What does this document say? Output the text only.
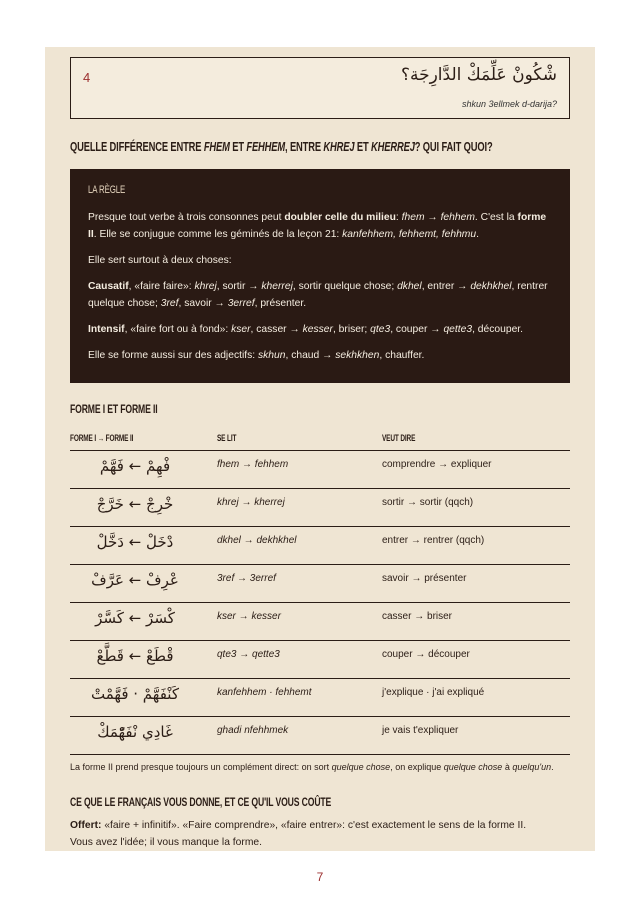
4	شْكُونْ عَلِّمَكْ الدَّارِجَة؟
shkun 3ellmek d-darija?
QUELLE DIFFÉRENCE ENTRE FHEM ET FEHHEM, ENTRE KHREJ ET KHERREJ? QUI FAIT QUOI?
LA RÈGLE

Presque tout verbe à trois consonnes peut doubler celle du milieu: fhem → fehhem. C'est la forme II. Elle se conjugue comme les géminés de la leçon 21: kanfehhem, fehhemt, fehhmu.

Elle sert surtout à deux choses:

Causatif, «faire faire»: khrej, sortir → kherrej, sortir quelque chose; dkhel, entrer → dekhkhel, rentrer quelque chose; 3ref, savoir → 3erref, présenter.

Intensif, «faire fort ou à fond»: kser, casser → kesser, briser; qte3, couper → qette3, découper.

Elle se forme aussi sur des adjectifs: skhun, chaud → sekhkhen, chauffer.

FORME I ET FORME II
FORME I → FORME II	SE LIT	VEUT DIRE
فْهِمْ ← فَهَّمْ	fhem → fehhem	comprendre → expliquer
خْرِجْ ← خَرَّجْ	khrej → kherrej	sortir → sortir (qqch)
دْخَلْ ← دَخَّلْ	dkhel → dekhkhel	entrer → rentrer (qqch)
عْرِفْ ← عَرَّفْ	3ref → 3erref	savoir → présenter
كْسَرْ ← كَسَّرْ	kser → kesser	casser → briser
قْطَعْ ← قَطَّعْ	qte3 → qette3	couper → découper
كَنْفَهَّمْ · فَهَّمْتْ	kanfehhem · fehhemt	j'explique · j'ai expliqué
غَادِي نْفَهّْمَكْ	ghadi nfehhmek	je vais t'expliquer
La forme II prend presque toujours un complément direct: on sort quelque chose, on explique quelque chose à quelqu'un.
CE QUE LE FRANÇAIS VOUS DONNE, ET CE QU'IL VOUS COÛTE
Offert: «faire + infinitif». «Faire comprendre», «faire entrer»: c'est exactement le sens de la forme II. Vous avez l'idée; il vous manque la forme.
7
